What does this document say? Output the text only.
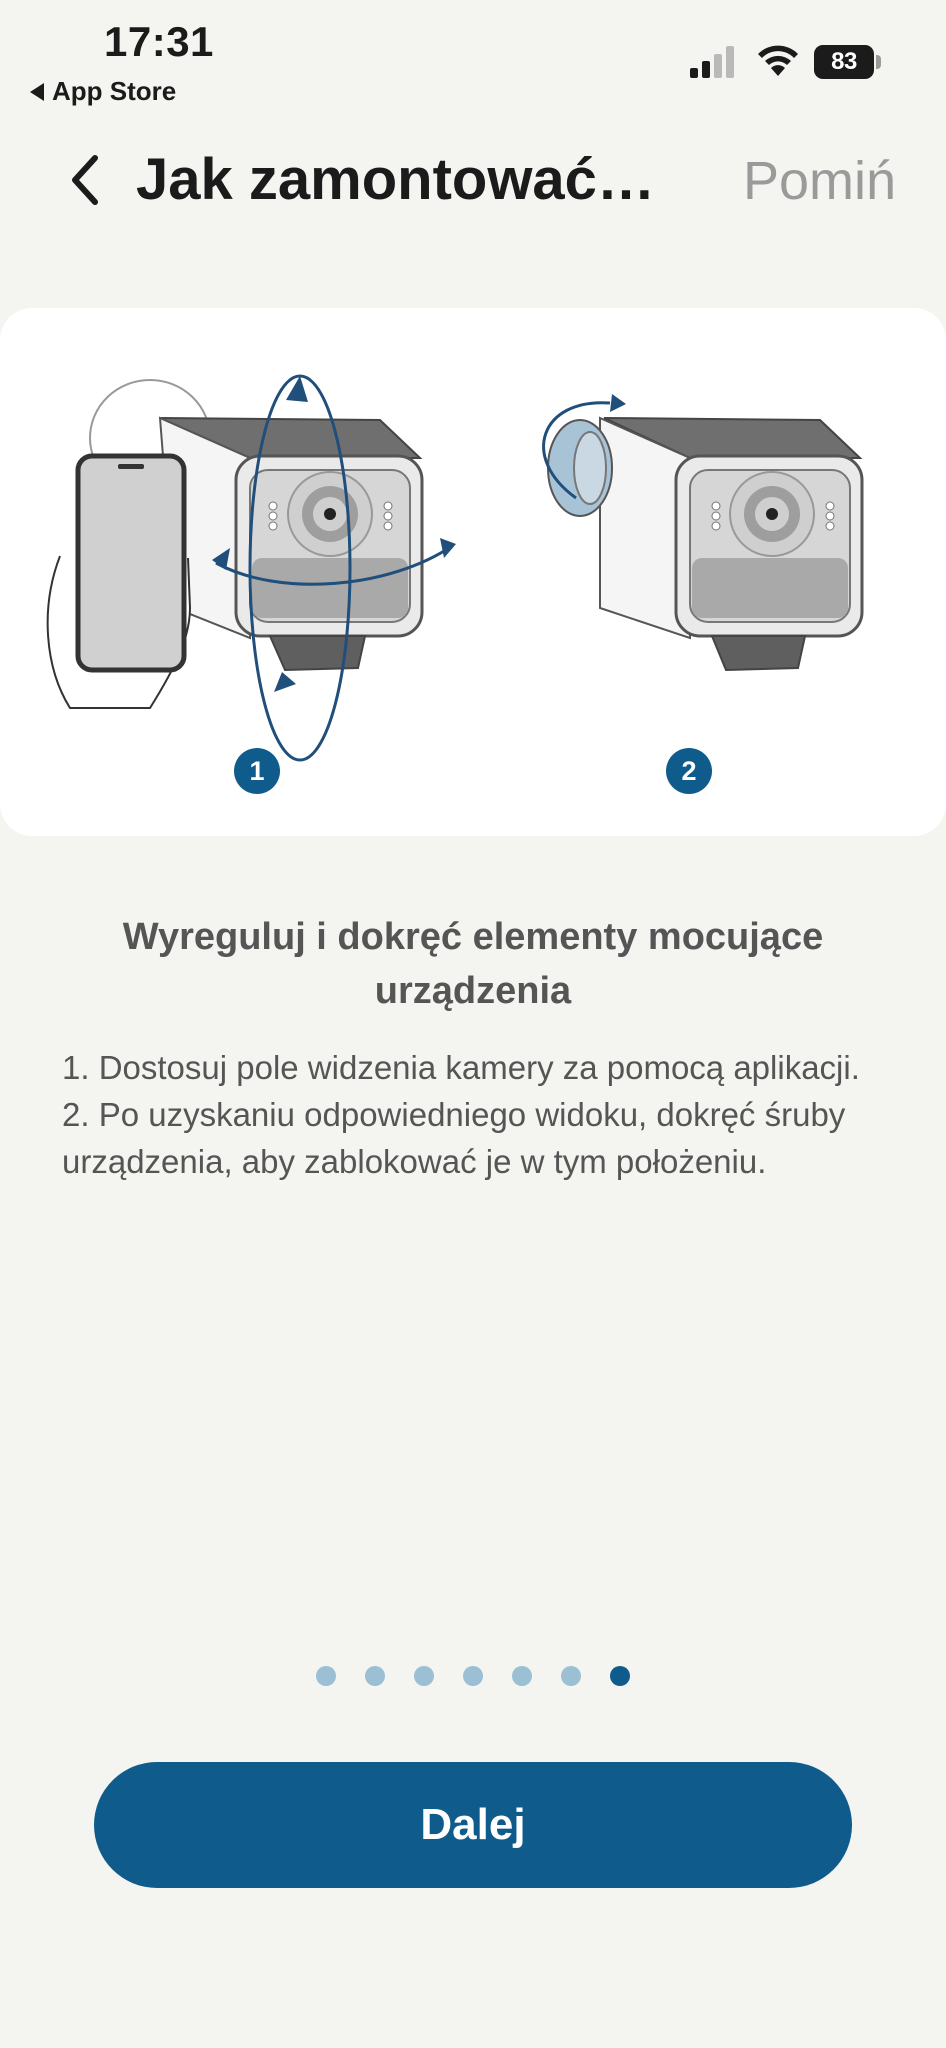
17:31
App Store
83
Jak zamontować…	Pomiń
1	2
Wyreguluj i dokręć elementy mocujące urządzenia

1. Dostosuj pole widzenia kamery za pomocą aplikacji.

2. Po uzyskaniu odpowiedniego widoku, dokręć śruby urządzenia, aby zablokować je w tym położeniu.

Dalej
